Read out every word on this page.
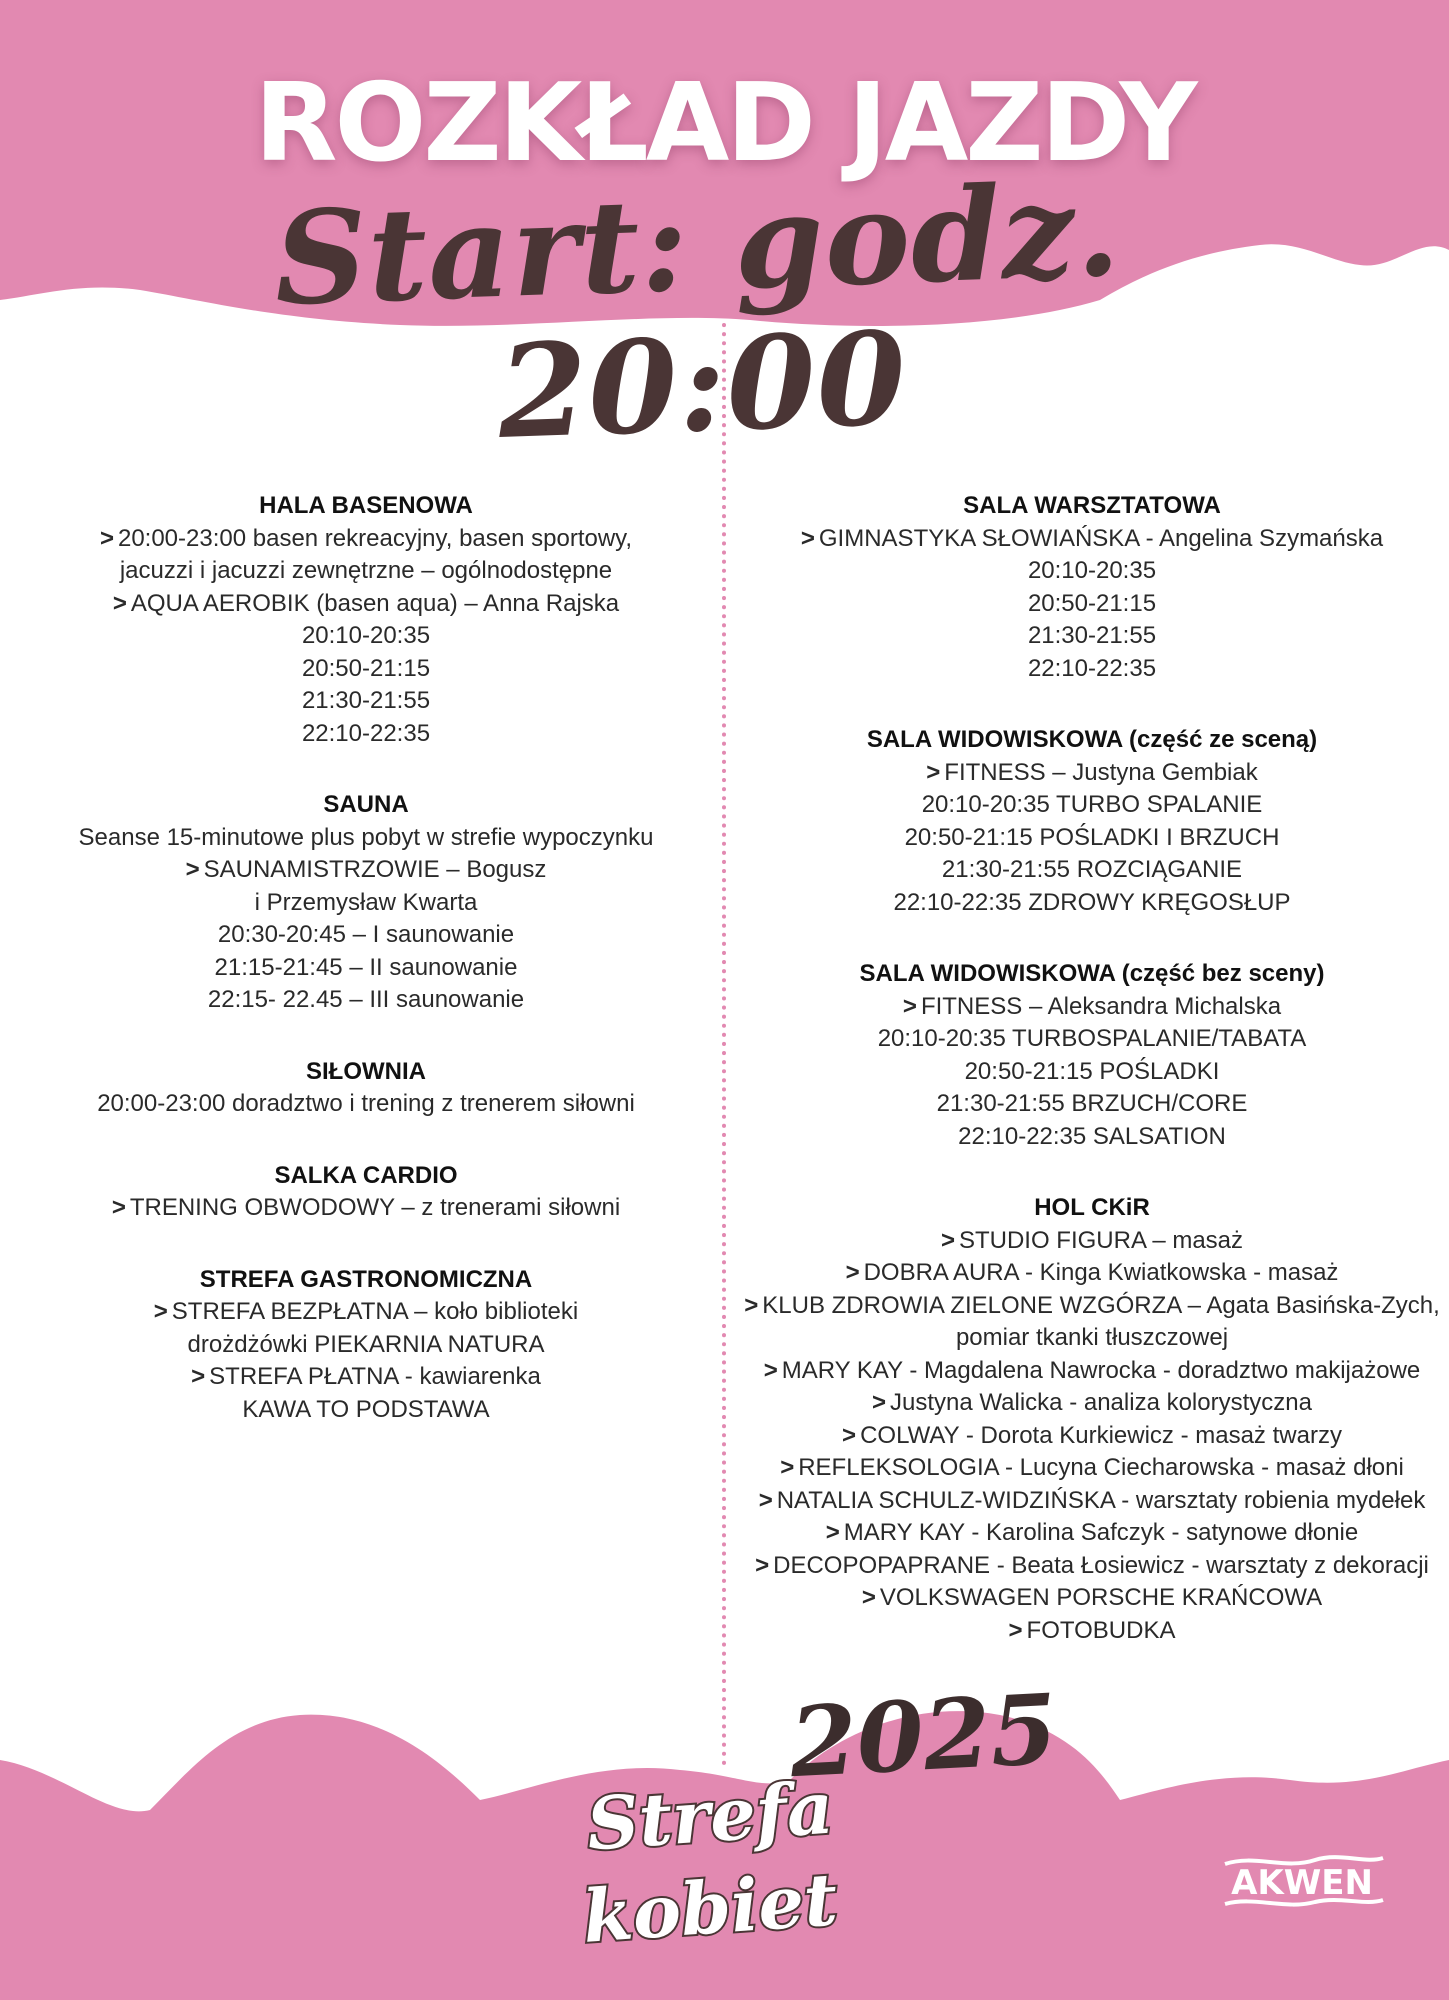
ROZKŁAD JAZDY
Start: godz. 20:00
HALA BASENOWA
> 20:00-23:00 basen rekreacyjny, basen sportowy, jacuzzi i jacuzzi zewnętrzne – ogólnodostępne
> AQUA AEROBIK (basen aqua) – Anna Rajska
20:10-20:35
20:50-21:15
21:30-21:55
22:10-22:35
SAUNA
Seanse 15-minutowe plus pobyt w strefie wypoczynku
> SAUNAMISTRZOWIE – Bogusz
i Przemysław Kwarta
20:30-20:45 – I saunowanie
21:15-21:45 – II saunowanie
22:15- 22.45 – III saunowanie
SIŁOWNIA
20:00-23:00 doradztwo i trening z trenerem siłowni
SALKA CARDIO
> TRENING OBWODOWY – z trenerami siłowni
STREFA GASTRONOMICZNA
> STREFA BEZPŁATNA – koło biblioteki
drożdżówki PIEKARNIA NATURA
> STREFA PŁATNA - kawiarenka
KAWA TO PODSTAWA
SALA WARSZTATOWA
> GIMNASTYKA SŁOWIAŃSKA - Angelina Szymańska
20:10-20:35
20:50-21:15
21:30-21:55
22:10-22:35
SALA WIDOWISKOWA (część ze sceną)
> FITNESS – Justyna Gembiak
20:10-20:35 TURBO SPALANIE
20:50-21:15 POŚLADKI I BRZUCH
21:30-21:55 ROZCIĄGANIE
22:10-22:35 ZDROWY KRĘGOSŁUP
SALA WIDOWISKOWA (część bez sceny)
> FITNESS – Aleksandra Michalska
20:10-20:35 TURBOSPALANIE/TABATA
20:50-21:15 POŚLADKI
21:30-21:55 BRZUCH/CORE
22:10-22:35 SALSATION
HOL CKiR
> STUDIO FIGURA – masaż
> DOBRA AURA - Kinga Kwiatkowska - masaż
> KLUB ZDROWIA ZIELONE WZGÓRZA – Agata Basińska-Zych, pomiar tkanki tłuszczowej
> MARY KAY - Magdalena Nawrocka - doradztwo makijażowe
> Justyna Walicka - analiza kolorystyczna
> COLWAY - Dorota Kurkiewicz - masaż twarzy
> REFLEKSOLOGIA - Lucyna Ciecharowska - masaż dłoni
> NATALIA SCHULZ-WIDZIŃSKA - warsztaty robienia mydełek
> MARY KAY - Karolina Safczyk - satynowe dłonie
> DECOPOPAPRANE - Beata Łosiewicz - warsztaty z dekoracji
> VOLKSWAGEN PORSCHE KRAŃCOWA
> FOTOBUDKA
2025
Strefa
kobiet	AKWEN
